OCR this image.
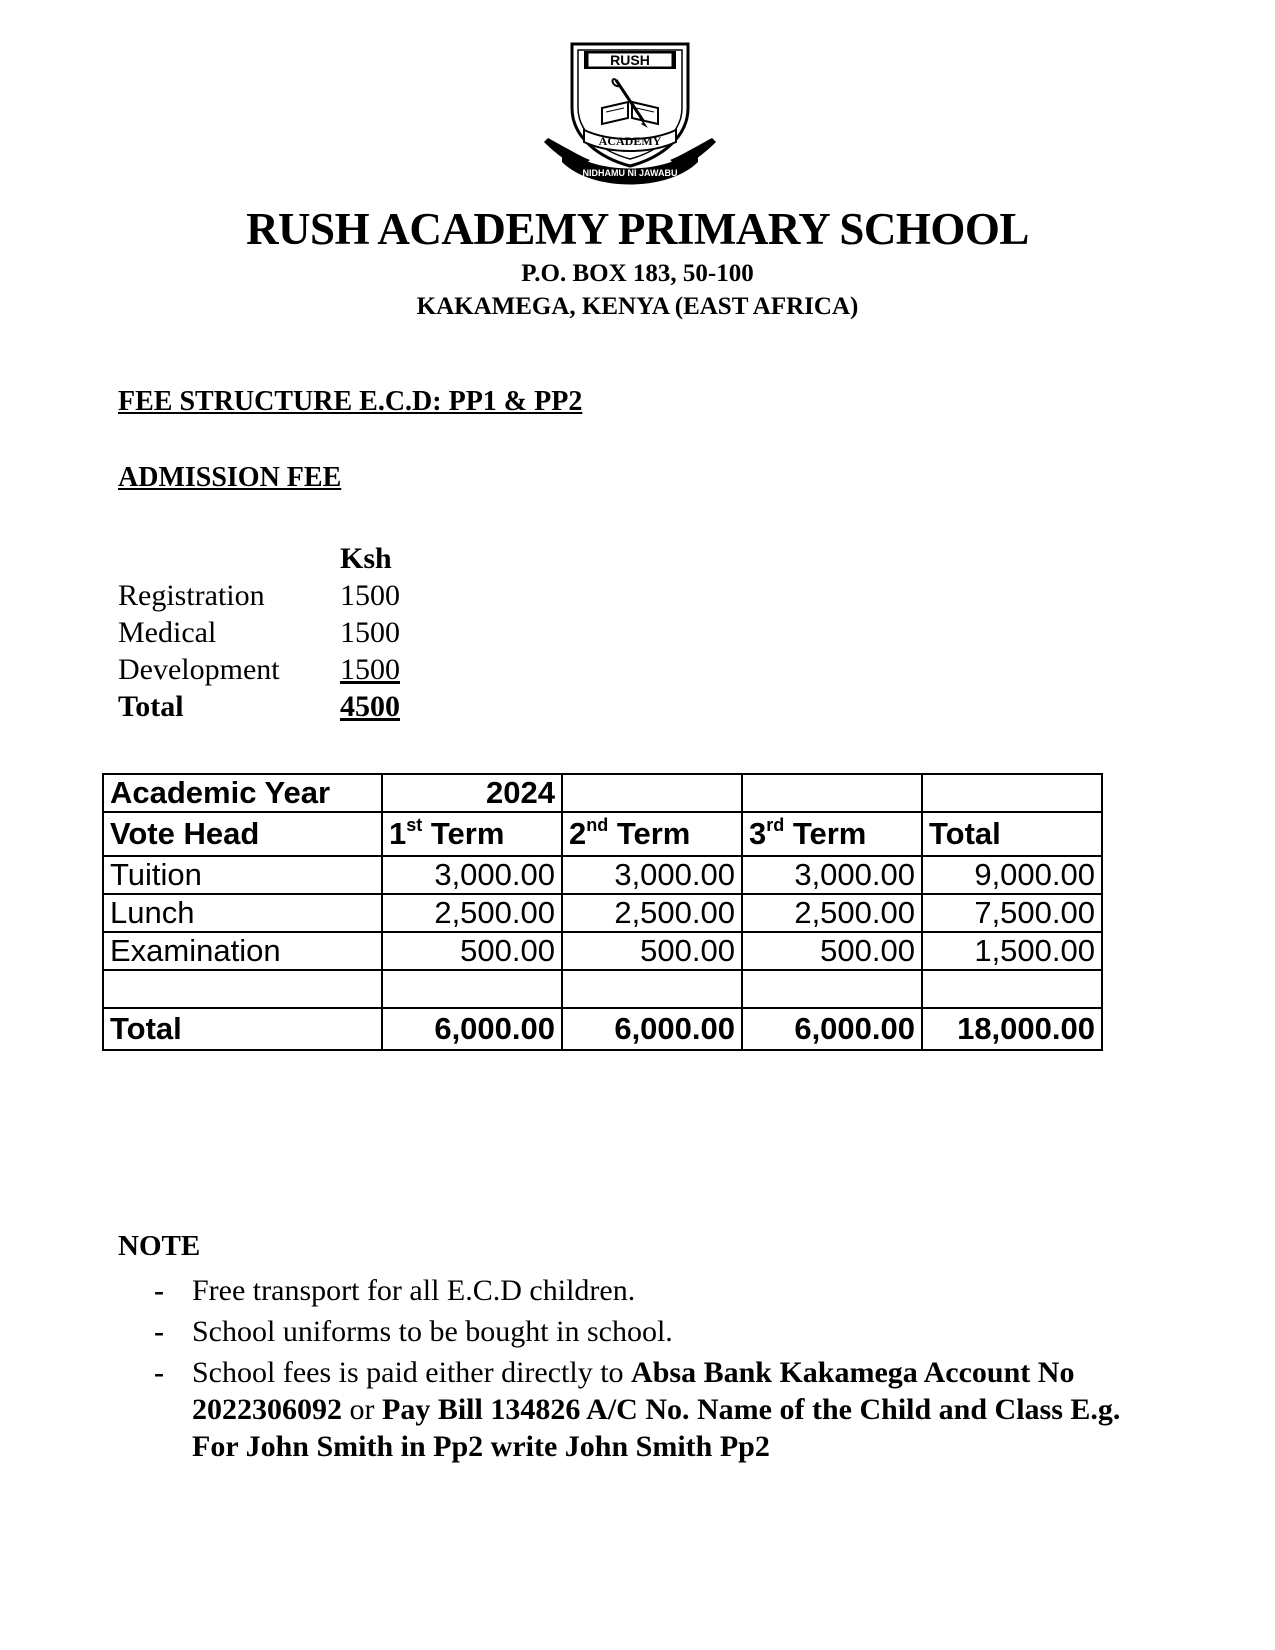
RUSH
ACADEMY
NIDHAMU NI JAWABU
RUSH ACADEMY PRIMARY SCHOOL
P.O. BOX 183, 50-100
KAKAMEGA, KENYA (EAST AFRICA)
FEE STRUCTURE E.C.D: PP1 & PP2
ADMISSION FEE
Ksh
Registration	1500
Medical	1500
Development 1500
Total	4500
Academic Year	2024			
Vote Head	1st Term	2nd Term	3rd Term	Total
Tuition	3,000.00	3,000.00	3,000.00	9,000.00
Lunch	2,500.00	2,500.00	2,500.00	7,500.00
Examination	500.00	500.00	500.00	1,500.00

Total	6,000.00	6,000.00	6,000.00	18,000.00
NOTE
- Free transport for all E.C.D children.
- School uniforms to be bought in school.
- School fees is paid either directly to Absa Bank Kakamega Account No 2022306092 or Pay Bill 134826 A/C No. Name of the Child and Class E.g. For John Smith in Pp2 write John Smith Pp2
